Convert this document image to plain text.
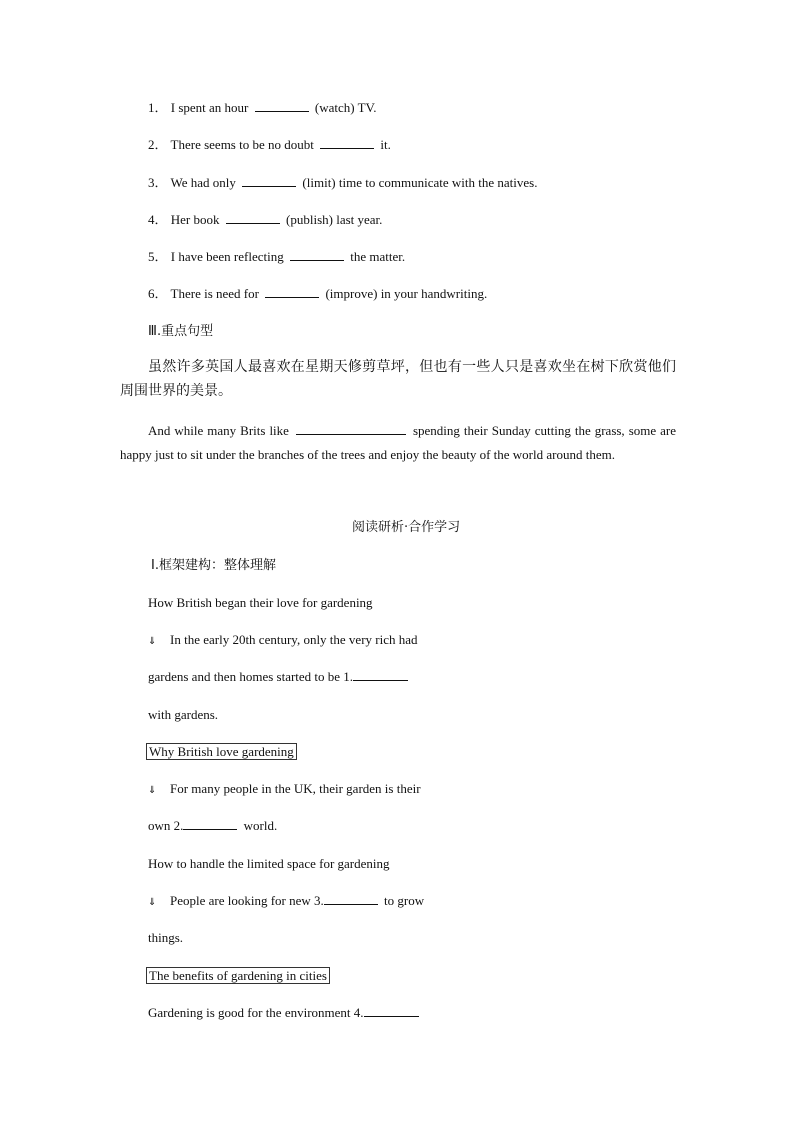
1． I spent an hour	(watch) TV.
2． There seems to be no doubt	it.
3． We had only	(limit) time to communicate with the natives.
4． Her book	(publish) last year.
5． I have been reflecting	the matter.
6． There is need for	(improve) in your handwriting.
Ⅲ.重点句型
虽然许多英国人最喜欢在星期天修剪草坪，但也有一些人只是喜欢坐在树下欣赏他们周围世界的美景。
And while many Brits like	spending their Sunday cutting the grass, some are happy just to sit under the branches of the trees and enjoy the beauty of the world around them.
阅读研析·合作学习
Ⅰ.框架建构：整体理解
How British began their love for gardening
⇓ In the early 20th century, only the very rich had
gardens and then homes started to be 1.
with gardens.
Why British love gardening
⇓ For many people in the UK, their garden is their
own 2.	world.
How to handle the limited space for gardening
⇓ People are looking for new 3.	to grow
things.
The benefits of gardening in cities
Gardening is good for the environment 4.
